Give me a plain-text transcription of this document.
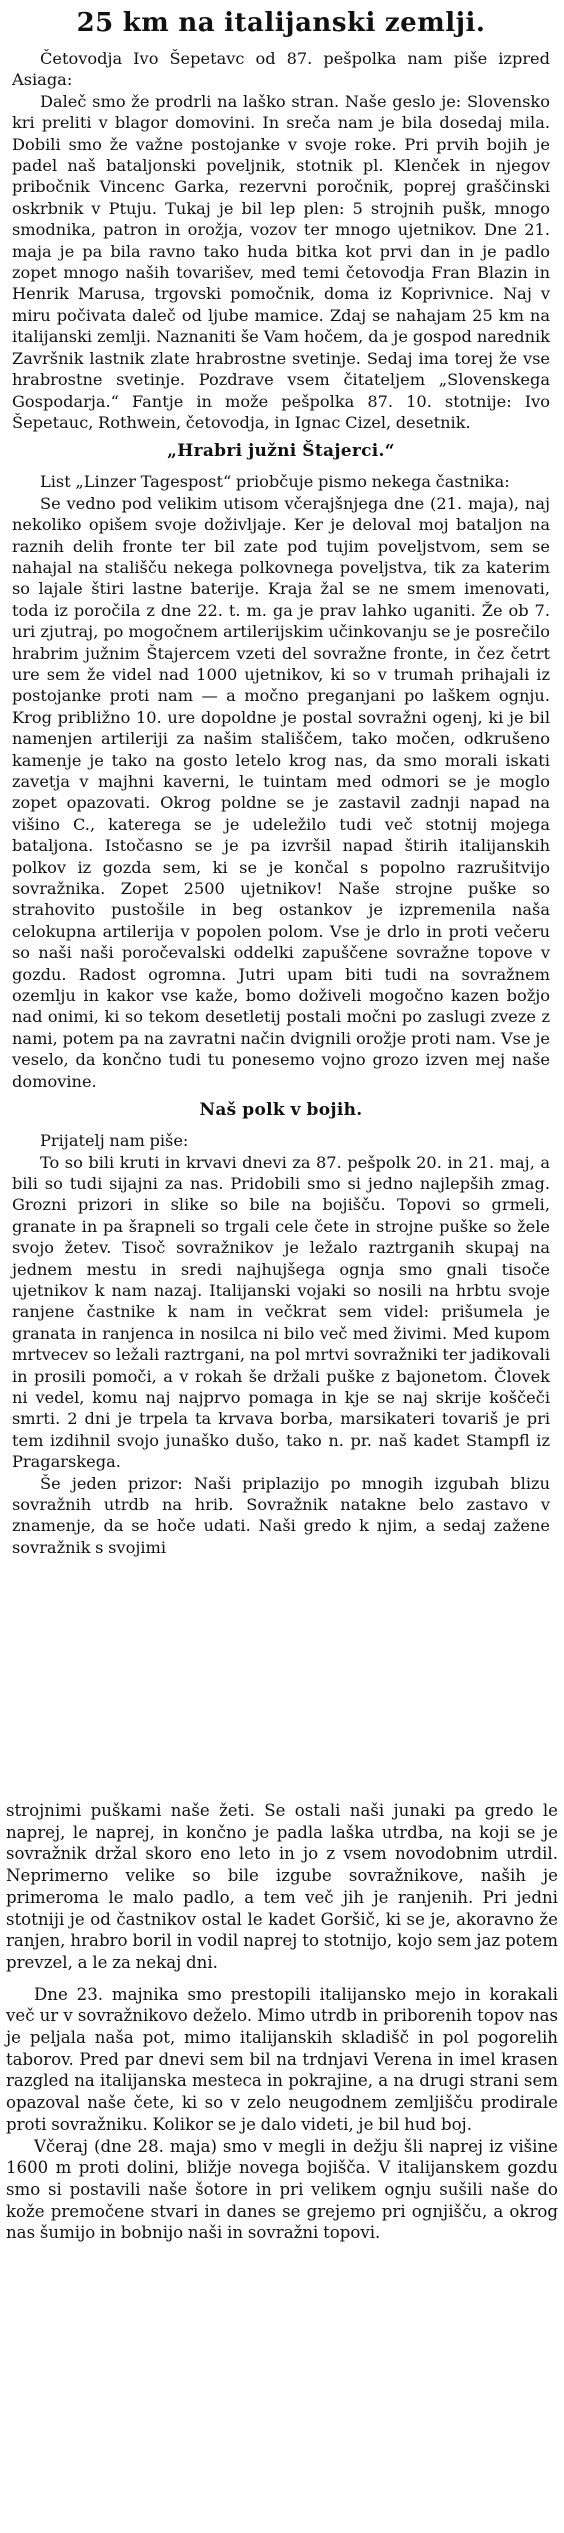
25 km na italijanski zemlji.

Četovodja Ivo Šepetavc od 87. pešpolka nam piše izpred Asiaga:

Daleč smo že prodrli na laško stran. Naše geslo je: Slovensko kri preliti v blagor domovini. In sreča nam je bila dosedaj mila. Dobili smo že važne postojanke v svoje roke. Pri prvih bojih je padel naš bataljonski poveljnik, stotnik pl. Klenček in njegov pribočnik Vincenc Garka, rezervni poročnik, poprej graščinski oskrbnik v Ptuju. Tukaj je bil lep plen: 5 strojnih pušk, mnogo smodnika, patron in orožja, vozov ter mnogo ujetnikov. Dne 21. maja je pa bila ravno tako huda bitka kot prvi dan in je padlo zopet mnogo naših tovarišev, med temi četovodja Fran Blazin in Henrik Marusa, trgovski pomočnik, doma iz Koprivnice. Naj v miru počivata daleč od ljube mamice. Zdaj se nahajam 25 km na italijanski zemlji. Naznaniti še Vam hočem, da je gospod narednik Završnik lastnik zlate hrabrostne svetinje. Sedaj ima torej že vse hrabrostne svetinje. Pozdrave vsem čitateljem „Slovenskega Gospodarja.“ Fantje in može pešpolka 87. 10. stotnije: Ivo Šepetauc, Rothwein, četovodja, in Ignac Cizel, desetnik.

„Hrabri južni Štajerci.“

List „Linzer Tagespost“ priobčuje pismo nekega častnika:

Se vedno pod velikim utisom včerajšnjega dne (21. maja), naj nekoliko opišem svoje doživljaje. Ker je deloval moj bataljon na raznih delih fronte ter bil zate pod tujim poveljstvom, sem se nahajal na stališču nekega polkovnega poveljstva, tik za katerim so lajale štiri lastne baterije. Kraja žal se ne smem imenovati, toda iz poročila z dne 22. t. m. ga je prav lahko uganiti. Že ob 7. uri zjutraj, po mogočnem artilerijskim učinkovanju se je posrečilo hrabrim južnim Štajercem vzeti del sovražne fronte, in čez četrt ure sem že videl nad 1000 ujetnikov, ki so v trumah prihajali iz postojanke proti nam — a močno preganjani po laškem ognju. Krog približno 10. ure dopoldne je postal sovražni ogenj, ki je bil namenjen artileriji za našim stališčem, tako močen, odkrušeno kamenje je tako na gosto letelo krog nas, da smo morali iskati zavetja v majhni kaverni, le tuintam med odmori se je moglo zopet opazovati. Okrog poldne se je zastavil zadnji napad na višino C., katerega se je udeležilo tudi več stotnij mojega bataljona. Istočasno se je pa izvršil napad štirih italijanskih polkov iz gozda sem, ki se je končal s popolno razrušitvijo sovražnika. Zopet 2500 ujetnikov! Naše strojne puške so strahovito pustošile in beg ostankov je izpremenila naša celokupna artilerija v popolen polom. Vse je drlo in proti večeru so naši naši poročevalski oddelki zapuščene sovražne topove v gozdu. Radost ogromna. Jutri upam biti tudi na sovražnem ozemlju in kakor vse kaže, bomo doživeli mogočno kazen božjo nad onimi, ki so tekom desetletij postali močni po zaslugi zveze z nami, potem pa na zavratni način dvignili orožje proti nam. Vse je veselo, da končno tudi tu ponesemo vojno grozo izven mej naše domovine.

Naš polk v bojih.

Prijatelj nam piše:

To so bili kruti in krvavi dnevi za 87. pešpolk 20. in 21. maj, a bili so tudi sijajni za nas. Pridobili smo si jedno najlepših zmag. Grozni prizori in slike so bile na bojišču. Topovi so grmeli, granate in pa šrapneli so trgali cele čete in strojne puške so žele svojo žetev. Tisoč sovražnikov je ležalo raztrganih skupaj na jednem mestu in sredi najhujšega ognja smo gnali tisoče ujetnikov k nam nazaj. Italijanski vojaki so nosili na hrbtu svoje ranjene častnike k nam in večkrat sem videl: prišumela je granata in ranjenca in nosilca ni bilo več med živimi. Med kupom mrtvecev so ležali raztrgani, na pol mrtvi sovražniki ter jadikovali in prosili pomoči, a v rokah še držali puške z bajonetom. Človek ni vedel, komu naj najprvo pomaga in kje se naj skrije koščeči smrti. 2 dni je trpela ta krvava borba, marsikateri tovariš je pri tem izdihnil svojo junaško dušo, tako n. pr. naš kadet Stampfl iz Pragarskega.

Še jeden prizor: Naši priplazijo po mnogih izgubah blizu sovražnih utrdb na hrib. Sovražnik natakne belo zastavo v znamenje, da se hoče udati. Naši gredo k njim, a sedaj zažene sovražnik s svojimi

strojnimi puškami naše žeti. Se ostali naši junaki pa gredo le naprej, le naprej, in končno je padla laška utrdba, na koji se je sovražnik držal skoro eno leto in jo z vsem novodobnim utrdil. Neprimerno velike so bile izgube sovražnikove, naših je primeroma le malo padlo, a tem več jih je ranjenih. Pri jedni stotniji je od častnikov ostal le kadet Goršič, ki se je, akoravno že ranjen, hrabro boril in vodil naprej to stotnijo, kojo sem jaz potem prevzel, a le za nekaj dni.

Dne 23. majnika smo prestopili italijansko mejo in korakali več ur v sovražnikovo deželo. Mimo utrdb in priborenih topov nas je peljala naša pot, mimo italijanskih skladišč in pol pogorelih taborov. Pred par dnevi sem bil na trdnjavi Verena in imel krasen razgled na italijanska mesteca in pokrajine, a na drugi strani sem opazoval naše čete, ki so v zelo neugodnem zemljišču prodirale proti sovražniku. Kolikor se je dalo videti, je bil hud boj.

Včeraj (dne 28. maja) smo v megli in dežju šli naprej iz višine 1600 m proti dolini, bližje novega bojišča. V italijanskem gozdu smo si postavili naše šotore in pri velikem ognju sušili naše do kože premočene stvari in danes se grejemo pri ognjišču, a okrog nas šumijo in bobnijo naši in sovražni topovi.
